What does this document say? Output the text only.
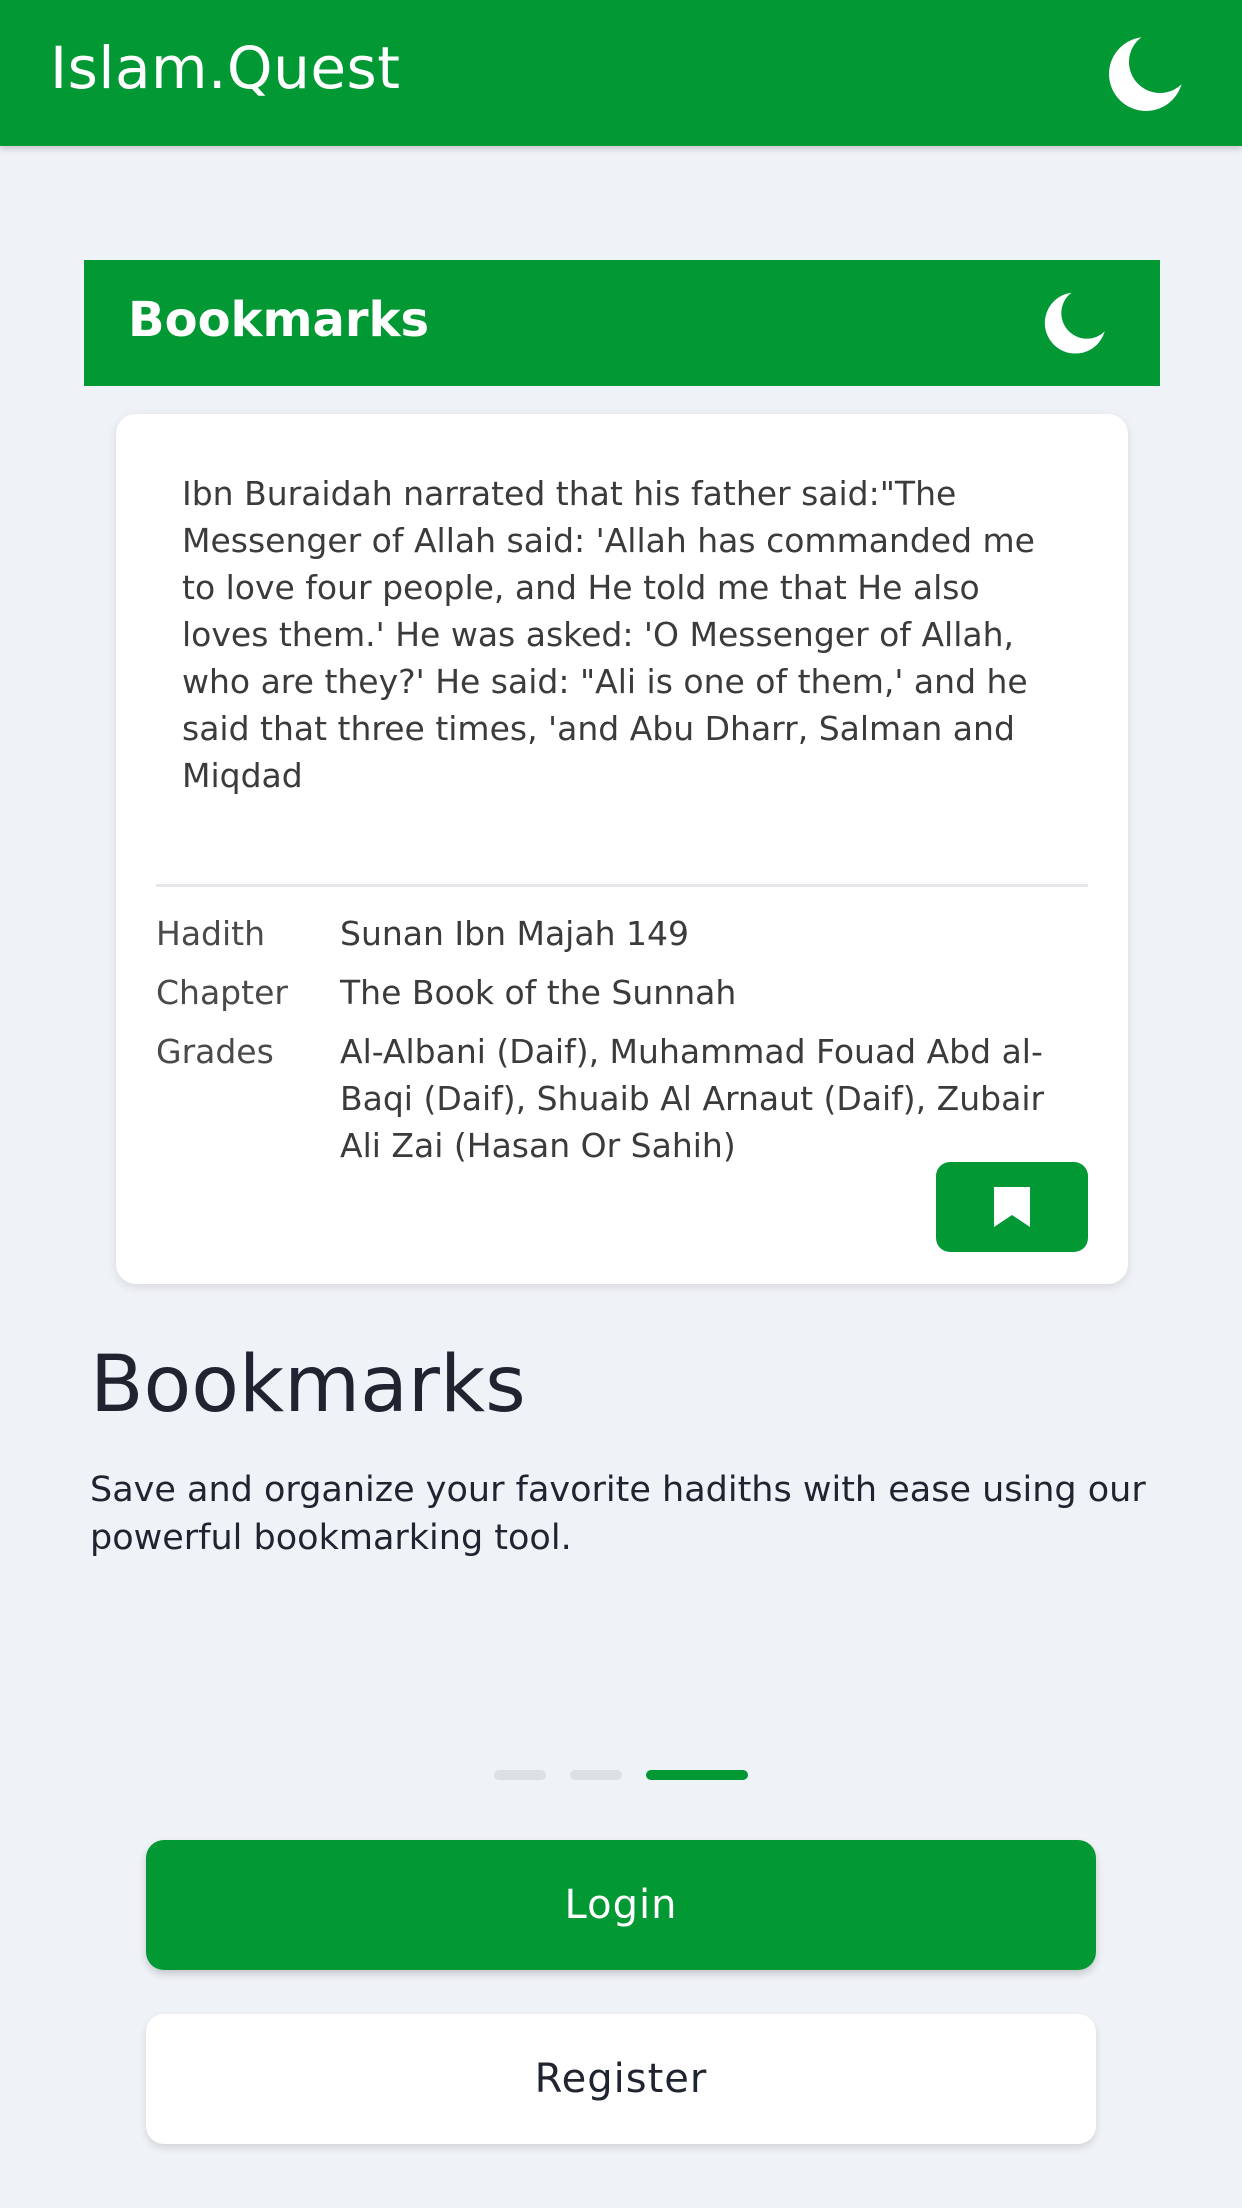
Islam.Quest
Bookmarks
Ibn Buraidah narrated that his father said:"The Messenger of Allah said: 'Allah has commanded me to love four people, and He told me that He also loves them.' He was asked: 'O Messenger of Allah, who are they?' He said: "Ali is one of them,' and he said that three times, 'and Abu Dharr, Salman and Miqdad
Hadith	Sunan Ibn Majah 149
Chapter	The Book of the Sunnah
Grades	Al-Albani (Daif), Muhammad Fouad Abd al-Baqi (Daif), Shuaib Al Arnaut (Daif), Zubair Ali Zai (Hasan Or Sahih)
Bookmarks
Save and organize your favorite hadiths with ease using our powerful bookmarking tool.
Login
Register
